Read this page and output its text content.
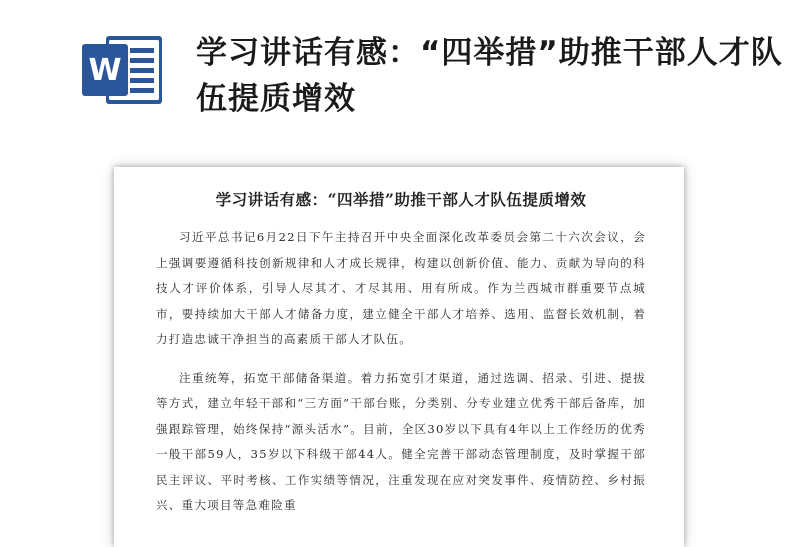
W 学习讲话有感：“四举措”助推干部人才队伍提质增效
学习讲话有感：“四举措”助推干部人才队伍提质增效

习近平总书记6月22日下午主持召开中央全面深化改革委员会第二十六次会议，会上强调要遵循科技创新规律和人才成长规律，构建以创新价值、能力、贡献为导向的科技人才评价体系，引导人尽其才、才尽其用、用有所成。作为兰西城市群重要节点城市，要持续加大干部人才储备力度，建立健全干部人才培养、选用、监督长效机制，着力打造忠诚干净担当的高素质干部人才队伍。

注重统筹，拓宽干部储备渠道。着力拓宽引才渠道，通过选调、招录、引进、提拔等方式，建立年轻干部和“三方面”干部台账，分类别、分专业建立优秀干部后备库，加强跟踪管理，始终保持“源头活水”。目前，全区30岁以下具有4年以上工作经历的优秀一般干部59人，35岁以下科级干部44人。健全完善干部动态管理制度，及时掌握干部民主评议、平时考核、工作实绩等情况，注重发现在应对突发事件、疫情防控、乡村振兴、重大项目等急难险重
